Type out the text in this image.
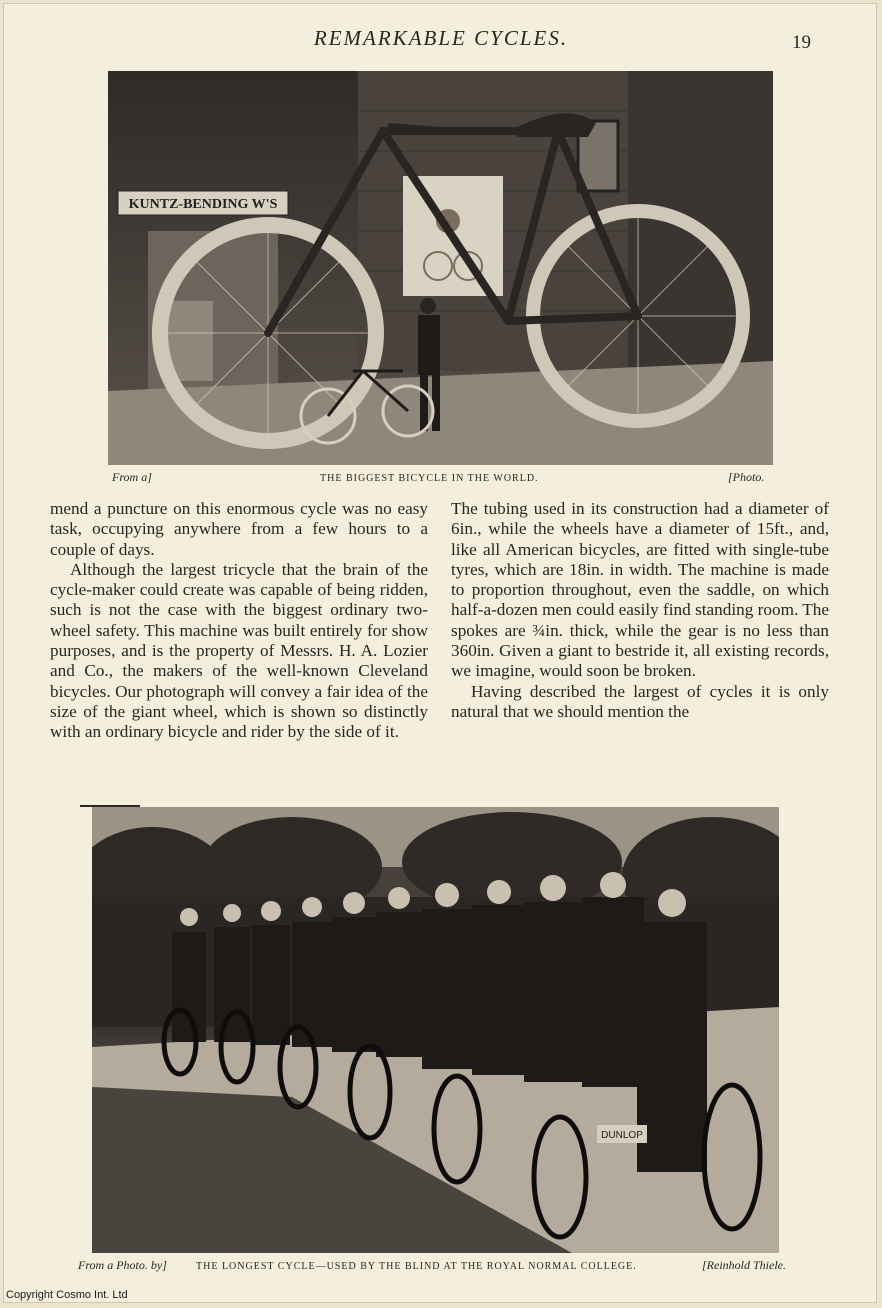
REMARKABLE CYCLES.	19
KUNTZ-BENDING W'S
From a]	THE BIGGEST BICYCLE IN THE WORLD.	[Photo.

mend a puncture on this enormous cycle was no easy task, occupying anywhere from a few hours to a couple of days.

Although the largest tricycle that the brain of the cycle-maker could create was capable of being ridden, such is not the case with the biggest ordinary two-wheel safety. This machine was built entirely for show purposes, and is the property of Messrs. H. A. Lozier and Co., the makers of the well-known Cleveland bicycles. Our photograph will convey a fair idea of the size of the giant wheel, which is shown so distinctly with an ordinary bicycle and rider by the side of it.

The tubing used in its construction had a diameter of 6in., while the wheels have a diameter of 15ft., and, like all American bicycles, are fitted with single-tube tyres, which are 18in. in width. The machine is made to proportion throughout, even the saddle, on which half-a-dozen men could easily find standing room. The spokes are ¾in. thick, while the gear is no less than 360in. Given a giant to bestride it, all existing records, we imagine, would soon be broken.

Having described the largest of cycles it is only natural that we should mention the

DUNLOP
From a Photo. by]	THE LONGEST CYCLE—USED BY THE BLIND AT THE ROYAL NORMAL COLLEGE.	[Reinhold Thiele.
Copyright Cosmo Int. Ltd
